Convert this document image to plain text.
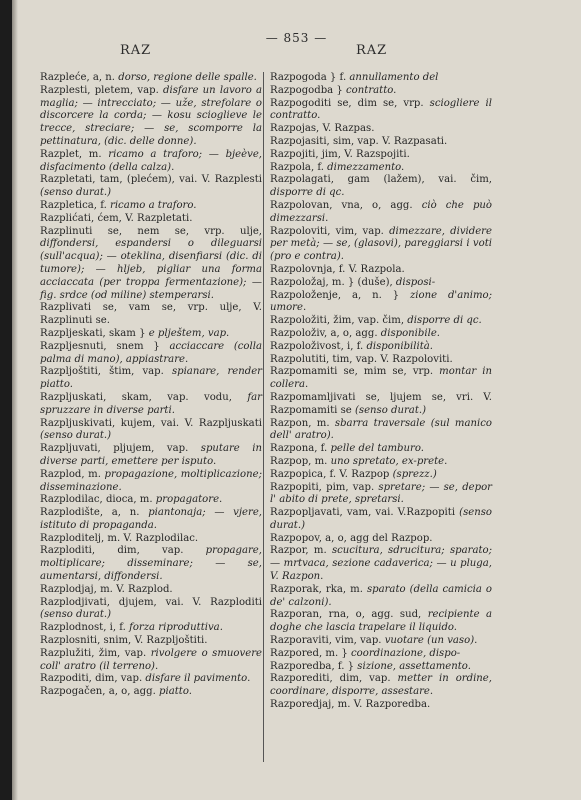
— 853 —
RAZ	RAZ
Razpleće, a, n. dorso, regione delle spalle.
Razplesti, pletem, vap. disfare un lavoro a maglia; — intrecciato; — uže, strefolare o discorcere la corda; — kosu scioglieve le trecce, streciare; — se, scomporre la pettinatura, (dic. delle donne).
Razplet, m. ricamo a traforo; — bjeève, disfacimento (della calza).
Razpletati, tam, (plećem), vai. V. Razplesti (senso durat.)
Razpletica, f. ricamo a traforo.
Razplićati, ćem, V. Razpletati.
Razplinuti se, nem se, vrp. ulje, diffondersi, espandersi o dileguarsi (sull'acqua); — oteklina, disenfiarsi (dic. di tumore); — hljeb, pigliar una forma acciaccata (per troppa fermentazione); — fig. srdce (od miline) stemperarsi.
Razplivati se, vam se, vrp. ulje, V. Razplinuti se.
Razpljeskati, skam } e plještem, vap.
Razpljesnuti, snem } acciaccare (colla palma di mano), appiastrare.
Razpljoštiti, štim, vap. spianare, render piatto.
Razpljuskati, skam, vap. vodu, far spruzzare in diverse parti.
Razpljuskivati, kujem, vai. V. Razpljuskati (senso durat.)
Razpljuvati, pljujem, vap. sputare in diverse parti, emettere per isputo.
Razplod, m. propagazione, moltiplicazione; disseminazione.
Razplodilac, dioca, m. propagatore.
Razplodište, a, n. piantonaja; — vjere, istituto di propaganda.
Razploditelj, m. V. Razplodilac.
Razploditi, dim, vap. propagare, moltiplicare; disseminare; — se, aumentarsi, diffondersi.
Razplodjaj, m. V. Razplod.
Razplodjivati, djujem, vai. V. Razploditi (senso durat.)
Razplodnost, i, f. forza riproduttiva.
Razplosniti, snim, V. Razpljoštiti.
Razplužiti, žim, vap. rivolgere o smuovere coll' aratro (il terreno).
Razpoditi, dim, vap. disfare il pavimento.
Razpogačen, a, o, agg. piatto.
Razpogoda } f. annullamento del
Razpogodba } contratto.
Razpogoditi se, dim se, vrp. sciogliere il contratto.
Razpojas, V. Razpas.
Razpojasiti, sim, vap. V. Razpasati.
Razpojiti, jim, V. Razspojiti.
Razpola, f. dimezzamento.
Razpolagati, gam (lažem), vai. čim, disporre di qc.
Razpolovan, vna, o, agg. ciò che può dimezzarsi.
Razpoloviti, vim, vap. dimezzare, dividere per metà; — se, (glasovi), pareggiarsi i voti (pro e contra).
Razpolovnja, f. V. Razpola.
Razpoložaj, m. } (duše), disposi-
Razpoloženje, a, n. } zione d'animo; umore.
Razpoložiti, žim, vap. čim, disporre di qc.
Razpoloživ, a, o, agg. disponibile.
Razpoloživost, i, f. disponibilità.
Razpolutiti, tim, vap. V. Razpoloviti.
Razpomamiti se, mim se, vrp. montar in collera.
Razpomamljivati se, ljujem se, vri. V. Razpomamiti se (senso durat.)
Razpon, m. sbarra traversale (sul manico dell' aratro).
Razpona, f. pelle del tamburo.
Razpop, m. uno spretato, ex-prete.
Razpopica, f. V. Razpop (sprezz.)
Razpopiti, pim, vap. spretare; — se, depor l' abito di prete, spretarsi.
Razpopljavati, vam, vai. V.Razpopiti (senso durat.)
Razpopov, a, o, agg del Razpop.
Razpor, m. scucitura, sdrucitura; sparato; — mrtvaca, sezione cadaverica; — u pluga, V. Razpon.
Razporak, rka, m. sparato (della camicia o de' calzoni).
Razporan, rna, o, agg. sud, recipiente a doghe che lascia trapelare il liquido.
Razporaviti, vim, vap. vuotare (un vaso).
Razpored, m. } coordinazione, dispo-
Razporedba, f. } sizione, assettamento.
Razporediti, dim, vap. metter in ordine, coordinare, disporre, assestare.
Razporedjaj, m. V. Razporedba.
